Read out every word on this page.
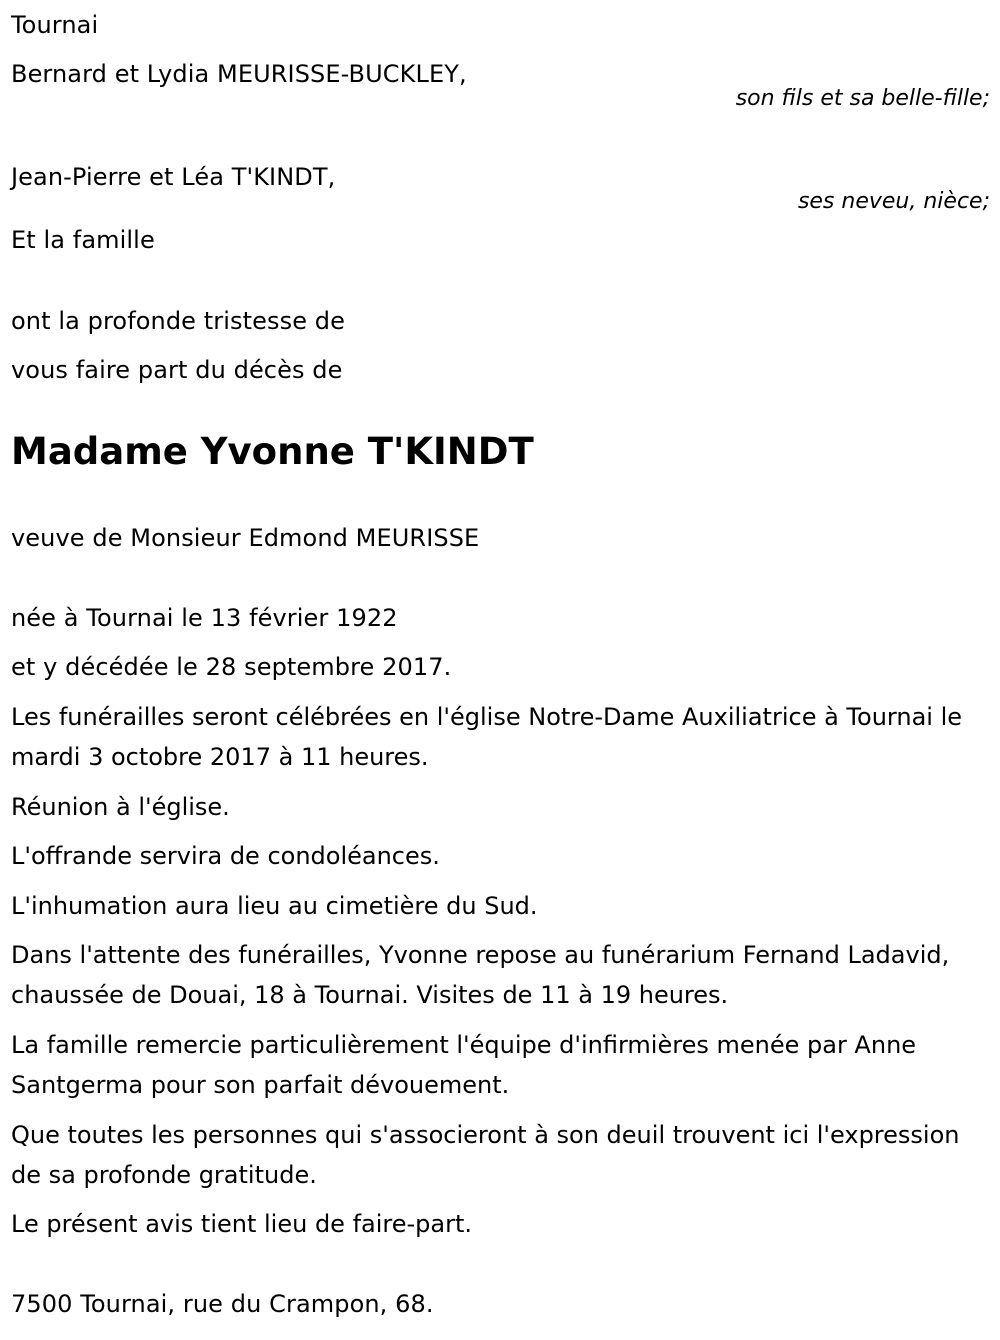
Tournai
Bernard et Lydia MEURISSE-BUCKLEY,
son fils et sa belle-fille;
Jean-Pierre et Léa T'KINDT,
ses neveu, nièce;
Et la famille
ont la profonde tristesse de
vous faire part du décès de
Madame Yvonne T'KINDT
veuve de Monsieur Edmond MEURISSE
née à Tournai le 13 février 1922
et y décédée le 28 septembre 2017.
Les funérailles seront célébrées en l'église Notre-Dame Auxiliatrice à Tournai le mardi 3 octobre 2017 à 11 heures.
Réunion à l'église.
L'offrande servira de condoléances.
L'inhumation aura lieu au cimetière du Sud.
Dans l'attente des funérailles, Yvonne repose au funérarium Fernand Ladavid, chaussée de Douai, 18 à Tournai. Visites de 11 à 19 heures.
La famille remercie particulièrement l'équipe d'infirmières menée par Anne Santgerma pour son parfait dévouement.
Que toutes les personnes qui s'associeront à son deuil trouvent ici l'expression de sa profonde gratitude.
Le présent avis tient lieu de faire-part.
7500 Tournai, rue du Crampon, 68.
